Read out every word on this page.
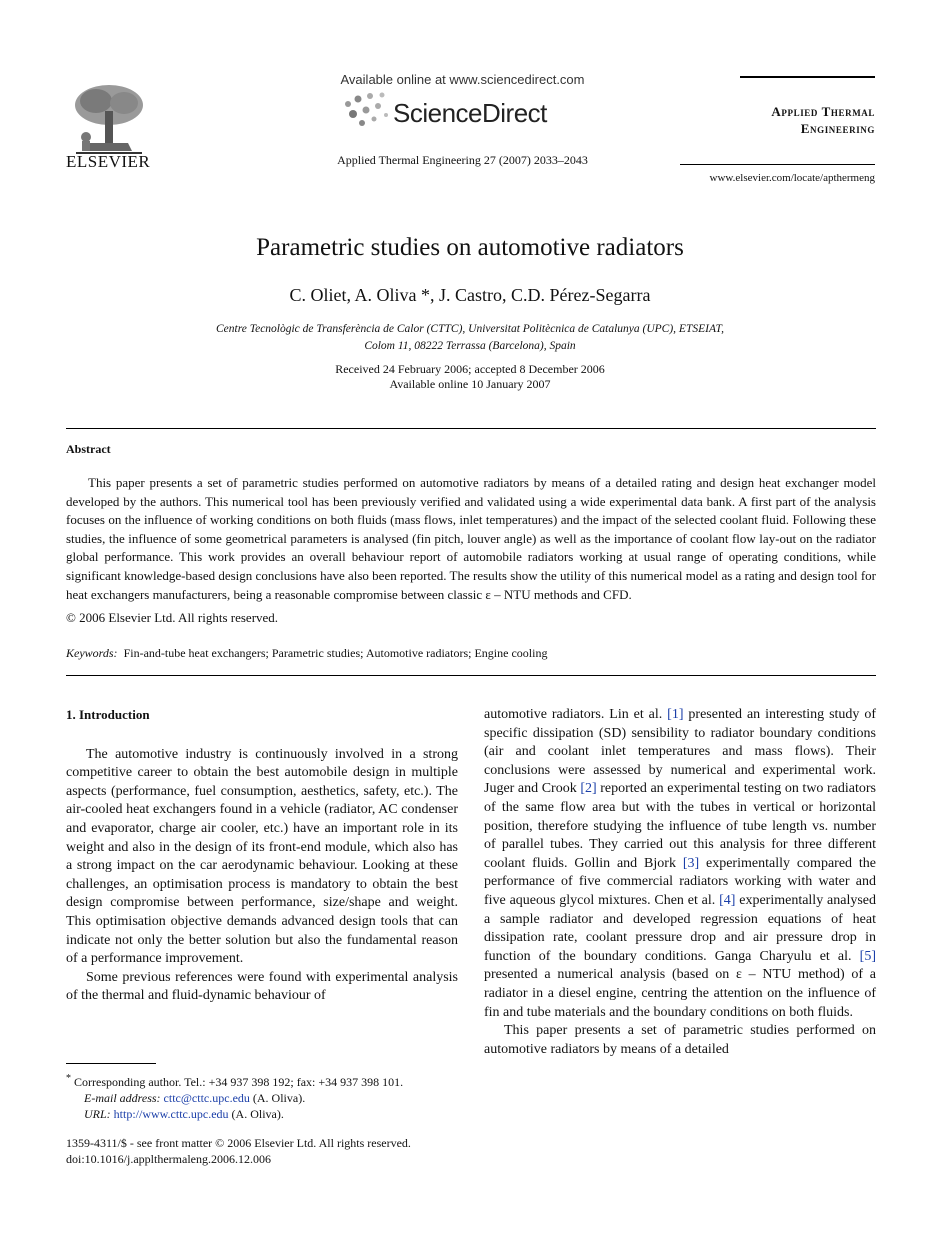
ELSEVIER
Available online at www.sciencedirect.com
ScienceDirect
Applied Thermal Engineering 27 (2007) 2033–2043
Applied Thermal
Engineering
www.elsevier.com/locate/apthermeng
Parametric studies on automotive radiators
C. Oliet, A. Oliva *, J. Castro, C.D. Pérez-Segarra
Centre Tecnològic de Transferència de Calor (CTTC), Universitat Politècnica de Catalunya (UPC), ETSEIAT,
Colom 11, 08222 Terrassa (Barcelona), Spain
Received 24 February 2006; accepted 8 December 2006
Available online 10 January 2007
Abstract

This paper presents a set of parametric studies performed on automotive radiators by means of a detailed rating and design heat exchanger model developed by the authors. This numerical tool has been previously verified and validated using a wide experimental data bank. A first part of the analysis focuses on the influence of working conditions on both fluids (mass flows, inlet temperatures) and the impact of the selected coolant fluid. Following these studies, the influence of some geometrical parameters is analysed (fin pitch, louver angle) as well as the importance of coolant flow lay-out on the radiator global performance. This work provides an overall behaviour report of automobile radiators working at usual range of operating conditions, while significant knowledge-based design conclusions have also been reported. The results show the utility of this numerical model as a rating and design tool for heat exchangers manufacturers, being a reasonable compromise between classic ε – NTU methods and CFD.

© 2006 Elsevier Ltd. All rights reserved.
Keywords: Fin-and-tube heat exchangers; Parametric studies; Automotive radiators; Engine cooling

1. Introduction

The automotive industry is continuously involved in a strong competitive career to obtain the best automobile design in multiple aspects (performance, fuel consumption, aesthetics, safety, etc.). The air-cooled heat exchangers found in a vehicle (radiator, AC condenser and evaporator, charge air cooler, etc.) have an important role in its weight and also in the design of its front-end module, which also has a strong impact on the car aerodynamic behaviour. Looking at these challenges, an optimisation process is mandatory to obtain the best design compromise between performance, size/shape and weight. This optimisation objective demands advanced design tools that can indicate not only the better solution but also the fundamental reason of a performance improvement.

Some previous references were found with experimental analysis of the thermal and fluid-dynamic behaviour of

automotive radiators. Lin et al. [1] presented an interesting study of specific dissipation (SD) sensibility to radiator boundary conditions (air and coolant inlet temperatures and mass flows). Their conclusions were assessed by numerical and experimental work. Juger and Crook [2] reported an experimental testing on two radiators of the same flow area but with the tubes in vertical or horizontal position, therefore studying the influence of tube length vs. number of parallel tubes. They carried out this analysis for three different coolant fluids. Gollin and Bjork [3] experimentally compared the performance of five commercial radiators working with water and five aqueous glycol mixtures. Chen et al. [4] experimentally analysed a sample radiator and developed regression equations of heat dissipation rate, coolant pressure drop and air pressure drop in function of the boundary conditions. Ganga Charyulu et al. [5] presented a numerical analysis (based on ε – NTU method) of a radiator in a diesel engine, centring the attention on the influence of fin and tube materials and the boundary conditions on both fluids.

This paper presents a set of parametric studies performed on automotive radiators by means of a detailed

* Corresponding author. Tel.: +34 937 398 192; fax: +34 937 398 101.
E-mail address: cttc@cttc.upc.edu (A. Oliva).
URL: http://www.cttc.upc.edu (A. Oliva).
1359-4311/$ - see front matter © 2006 Elsevier Ltd. All rights reserved.
doi:10.1016/j.applthermaleng.2006.12.006
